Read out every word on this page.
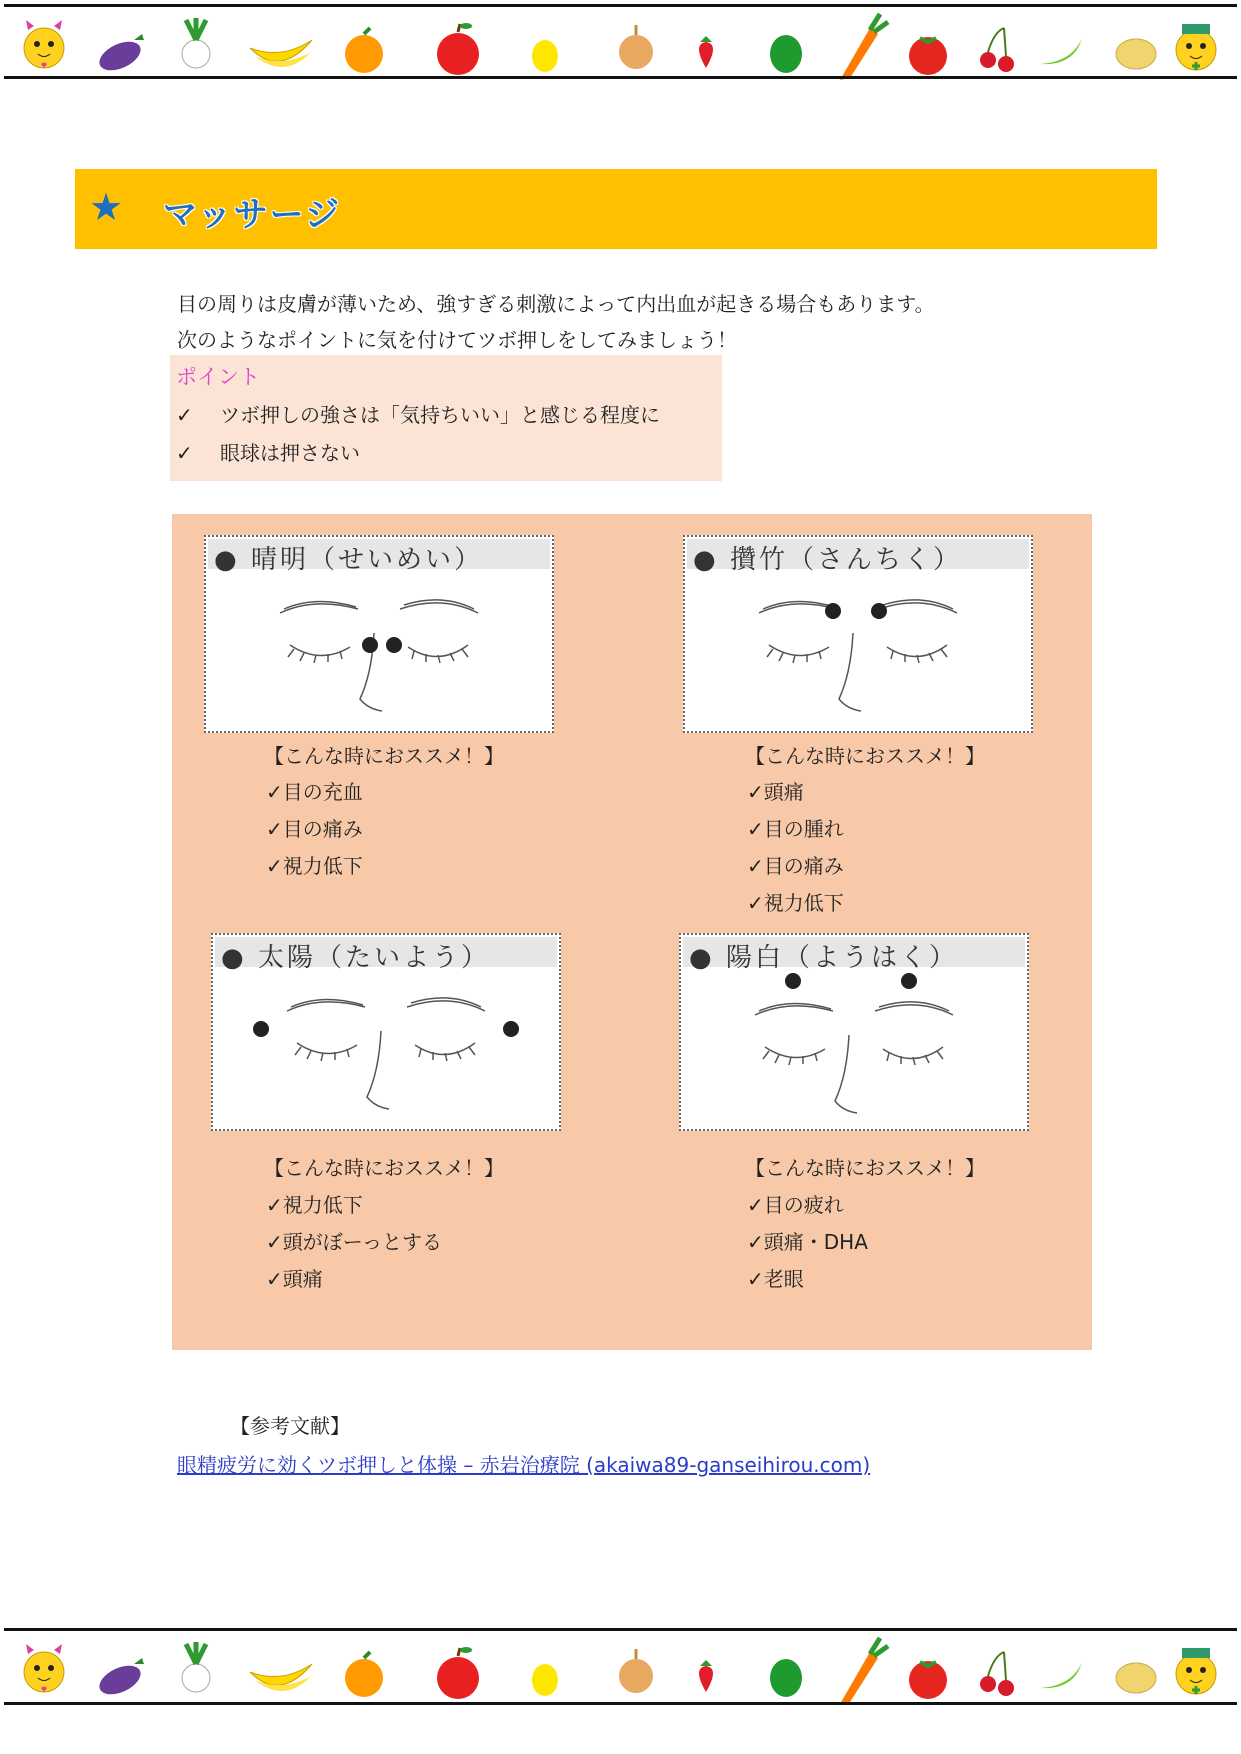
★ マッサージ
目の周りは皮膚が薄いため、強すぎる刺激によって内出血が起きる場合もあります。
次のようなポイントに気を付けてツボ押しをしてみましょう！
ポイント
✓ ツボ押しの強さは「気持ちいい」と感じる程度に
✓ 眼球は押さない
● 晴明（せいめい）
【こんな時におススメ！】
✓目の充血
✓目の痛み
✓視力低下
● 攢竹（さんちく）
【こんな時におススメ！】
✓頭痛
✓目の腫れ
✓目の痛み
✓視力低下
● 太陽（たいよう）
【こんな時におススメ！】
✓視力低下
✓頭がぼーっとする
✓頭痛
● 陽白（ようはく）
【こんな時におススメ！】
✓目の疲れ
✓頭痛・DHA
✓老眼
【参考文献】
眼精疲労に効くツボ押しと体操 – 赤岩治療院 (akaiwa89-ganseihirou.com)
